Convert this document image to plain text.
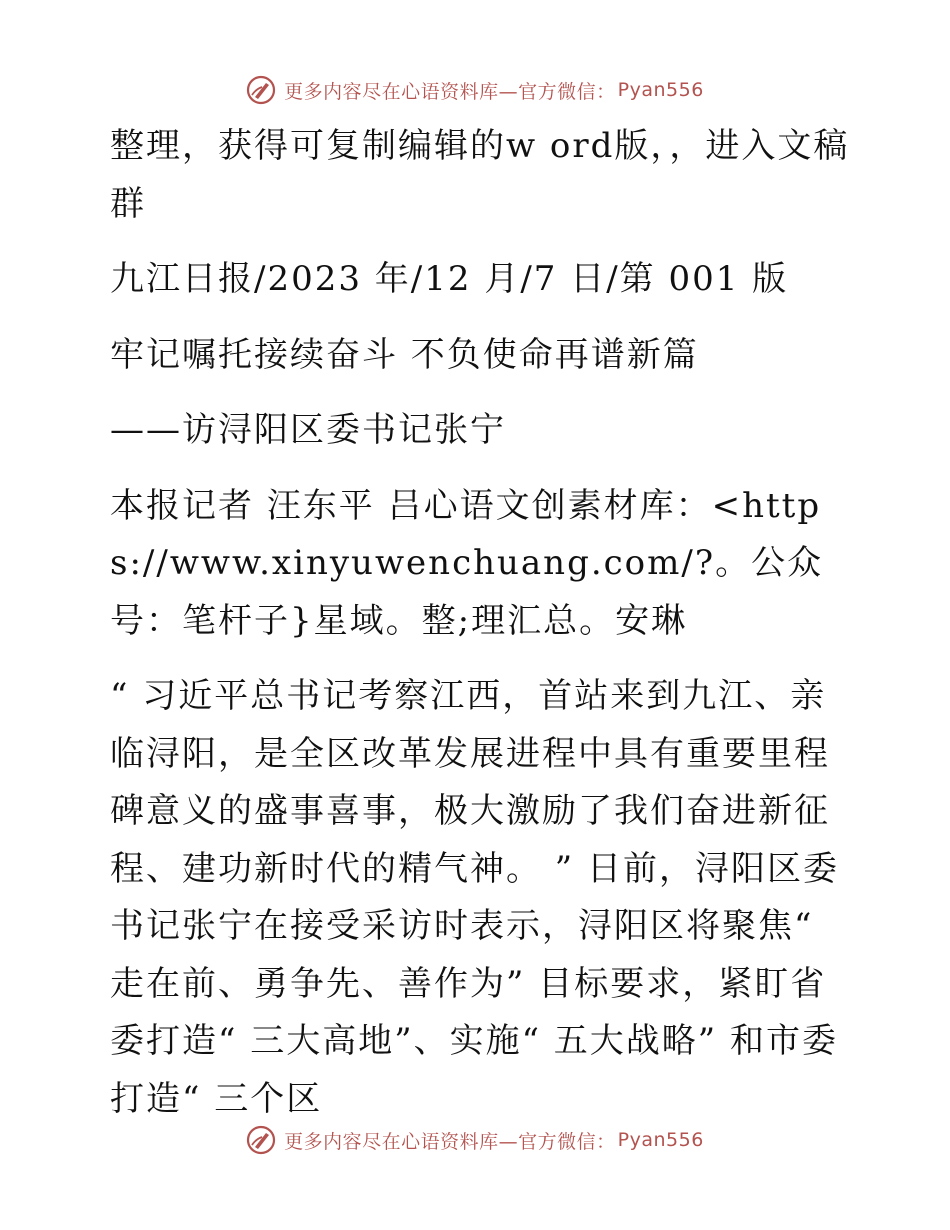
更多内容尽在心语资料库—官方微信： Pyan556

整理，获得可复制编辑的w ord版，，进入文稿群

九江日报/2023 年/12 月/7 日/第 001 版

牢记嘱托接续奋斗 不负使命再谱新篇

——访浔阳区委书记张宁

本报记者 汪东平 吕心语文创素材库：<https://www.xinyuwenchuang.com/?。公众号：笔杆子}星域。整;理汇总。安琳

“ 习近平总书记考察江西，首站来到九江、亲临浔阳，是全区改革发展进程中具有重要里程碑意义的盛事喜事，极大激励了我们奋进新征程、建功新时代的精气神。 ” 日前，浔阳区委书记张宁在接受采访时表示，浔阳区将聚焦“ 走在前、勇争先、善作为” 目标要求，紧盯省委打造“ 三大高地”、实施“ 五大战略” 和市委打造“ 三个区

更多内容尽在心语资料库—官方微信： Pyan556
